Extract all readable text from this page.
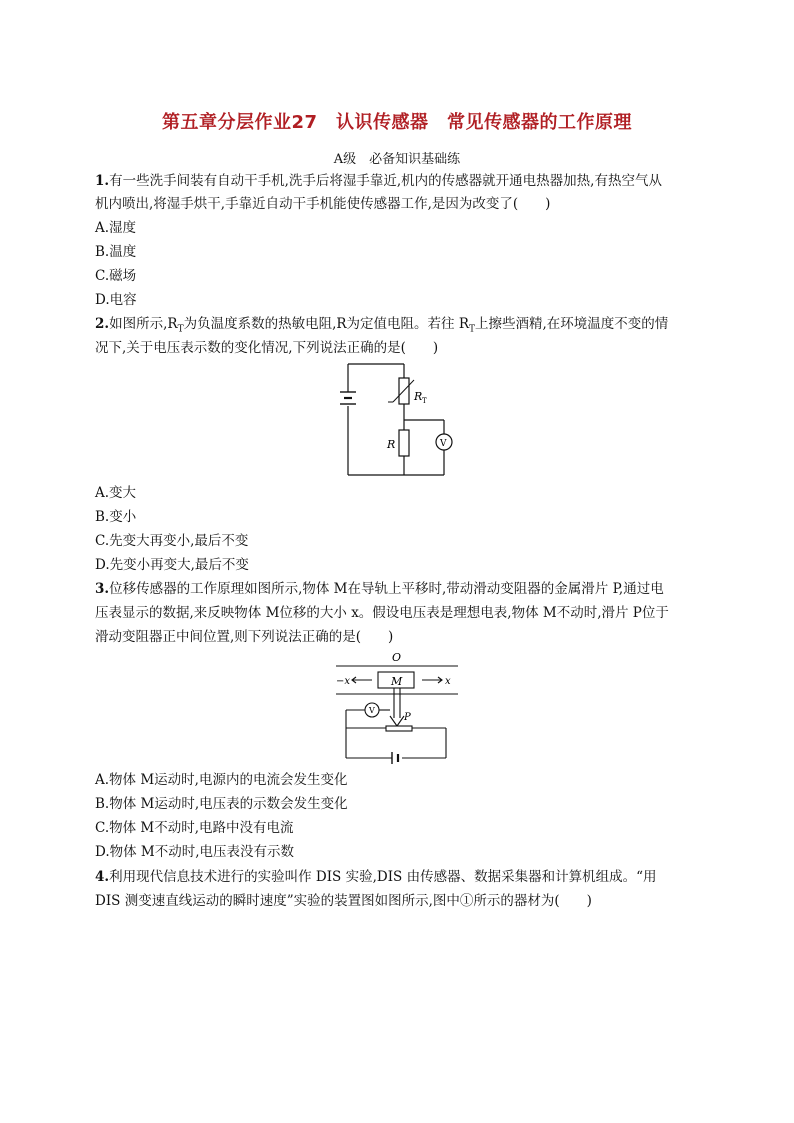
第五章分层作业27　认识传感器　常见传感器的工作原理
A级　必备知识基础练
1.有一些洗手间装有自动干手机,洗手后将湿手靠近,机内的传感器就开通电热器加热,有热空气从
机内喷出,将湿手烘干,手靠近自动干手机能使传感器工作,是因为改变了(　　)
A.湿度
B.温度
C.磁场
D.电容
2.如图所示$,R_T$为负温度系数的热敏电阻,R为定值电阻。若往 $R_T$上擦些酒精,在环境温度不变的情
况下,关于电压表示数的变化情况,下列说法正确的是(　　)
R T
R	V
A.变大
B.变小
C.先变大再变小,最后不变
D.先变小再变大,最后不变
3.位移传感器的工作原理如图所示,物体 M在导轨上平移时,带动滑动变阻器的金属滑片 P,通过电
压表显示的数据,来反映物体 M位移的大小 x。假设电压表是理想电表,物体 M不动时,滑片 P位于
滑动变阻器正中间位置,则下列说法正确的是(　　)
O
M
−x	x
V
P
A.物体 M运动时,电源内的电流会发生变化
B.物体 M运动时,电压表的示数会发生变化
C.物体 M不动时,电路中没有电流
D.物体 M不动时,电压表没有示数
4.利用现代信息技术进行的实验叫作 DIS 实验,DIS 由传感器、数据采集器和计算机组成。“用
DIS 测变速直线运动的瞬时速度”实验的装置图如图所示,图中①所示的器材为(　　)
